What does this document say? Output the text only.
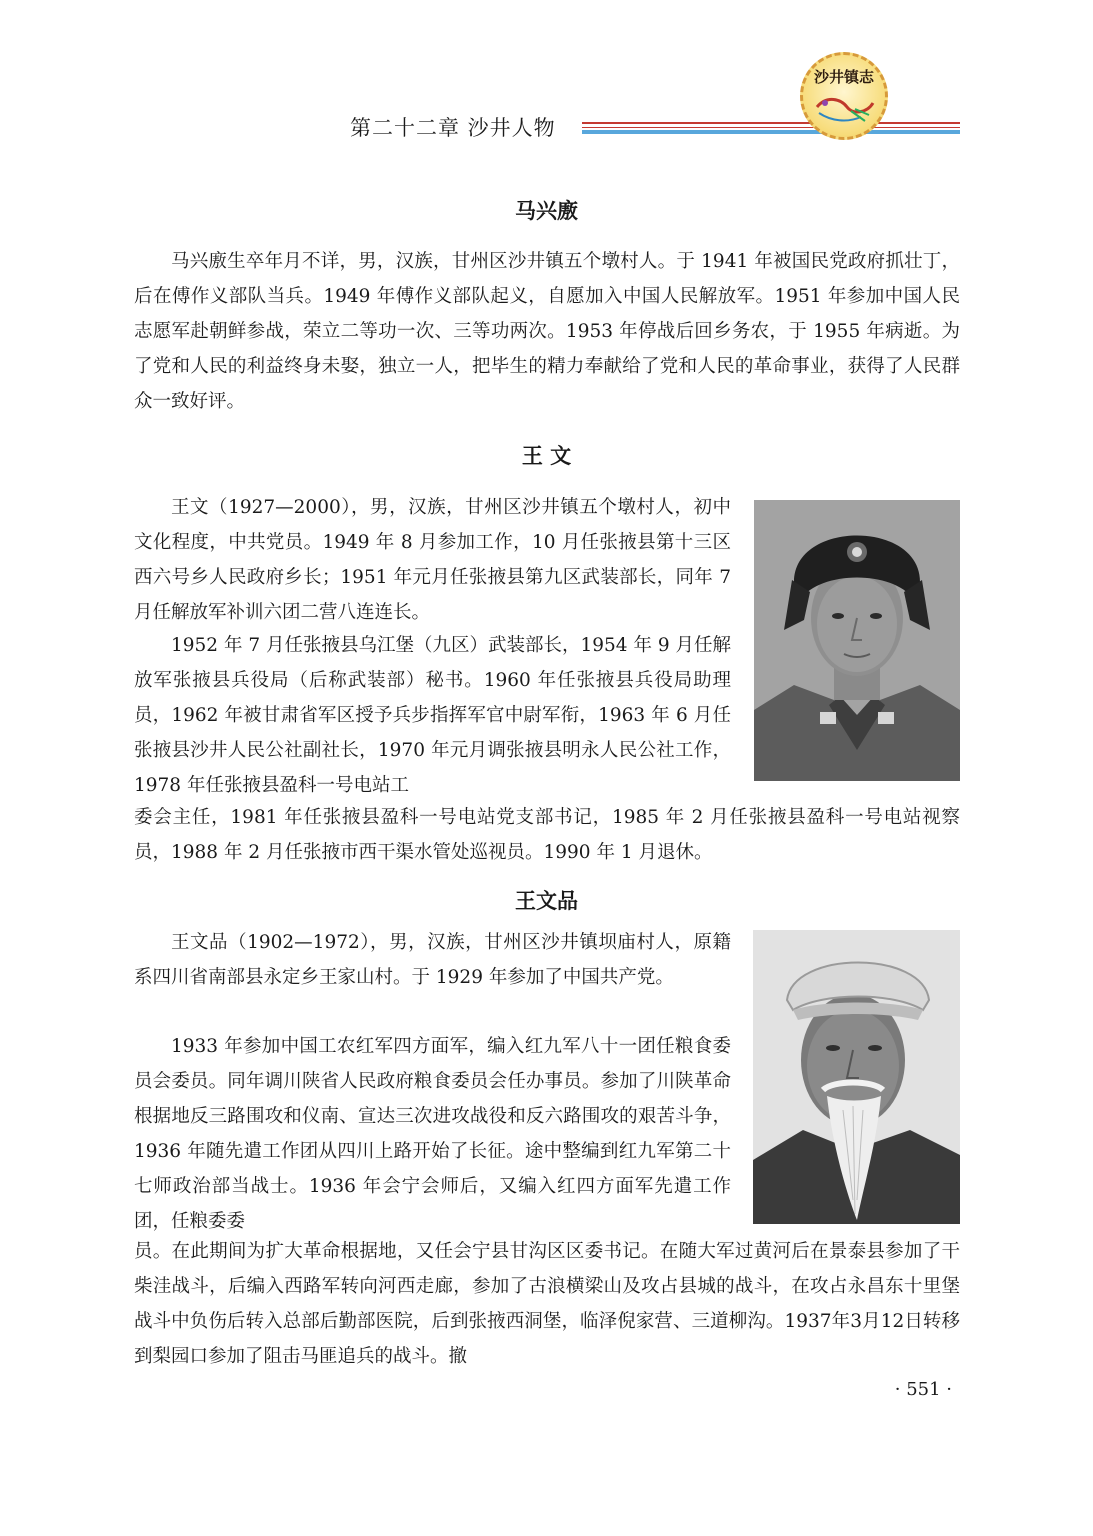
第二十二章 沙井人物
沙井镇志
马兴廒

马兴廒生卒年月不详，男，汉族，甘州区沙井镇五个墩村人。于 1941 年被国民党政府抓壮丁，后在傅作义部队当兵。1949 年傅作义部队起义，自愿加入中国人民解放军。1951 年参加中国人民志愿军赴朝鲜参战，荣立二等功一次、三等功两次。1953 年停战后回乡务农，于 1955 年病逝。为了党和人民的利益终身未娶，独立一人，把毕生的精力奉献给了党和人民的革命事业，获得了人民群众一致好评。

王 文

王文（1927—2000），男，汉族，甘州区沙井镇五个墩村人，初中文化程度，中共党员。1949 年 8 月参加工作，10 月任张掖县第十三区西六号乡人民政府乡长；1951 年元月任张掖县第九区武装部长，同年 7 月任解放军补训六团二营八连连长。

1952 年 7 月任张掖县乌江堡（九区）武装部长，1954 年 9 月任解放军张掖县兵役局（后称武装部）秘书。1960 年任张掖县兵役局助理员，1962 年被甘肃省军区授予兵步指挥军官中尉军衔，1963 年 6 月任张掖县沙井人民公社副社长，1970 年元月调张掖县明永人民公社工作，1978 年任张掖县盈科一号电站工

委会主任，1981 年任张掖县盈科一号电站党支部书记，1985 年 2 月任张掖县盈科一号电站视察员，1988 年 2 月任张掖市西干渠水管处巡视员。1990 年 1 月退休。

王文品

王文品（1902—1972），男，汉族，甘州区沙井镇坝庙村人，原籍系四川省南部县永定乡王家山村。于 1929 年参加了中国共产党。

1933 年参加中国工农红军四方面军，编入红九军八十一团任粮食委员会委员。同年调川陕省人民政府粮食委员会任办事员。参加了川陕革命根据地反三路围攻和仪南、宣达三次进攻战役和反六路围攻的艰苦斗争，1936 年随先遣工作团从四川上路开始了长征。途中整编到红九军第二十七师政治部当战士。1936 年会宁会师后，又编入红四方面军先遣工作团，任粮委委

员。在此期间为扩大革命根据地，又任会宁县甘沟区区委书记。在随大军过黄河后在景泰县参加了干柴洼战斗，后编入西路军转向河西走廊，参加了古浪横梁山及攻占县城的战斗，在攻占永昌东十里堡战斗中负伤后转入总部后勤部医院，后到张掖西洞堡，临泽倪家营、三道柳沟。1937年3月12日转移到梨园口参加了阻击马匪追兵的战斗。撤

· 551 ·
